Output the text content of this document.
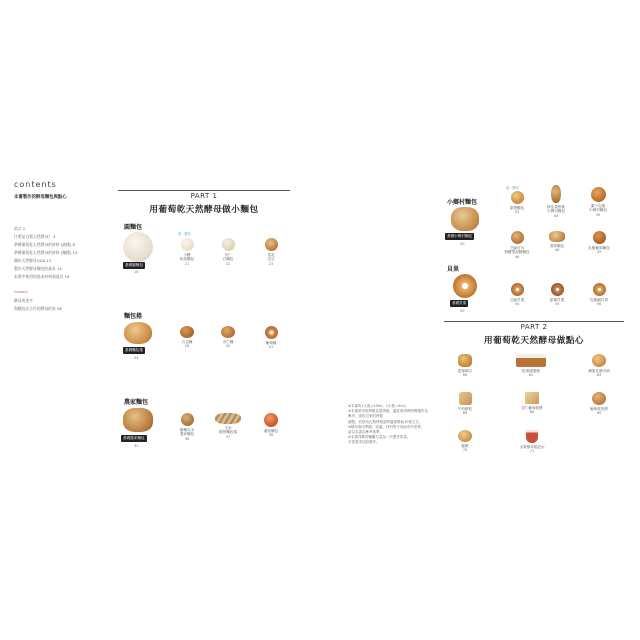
contents
本書製作的酥母麵包與點心
前言 2
什麼是自製天然酵母？ 4
準備葡萄乾天然酵母的材料 [液種] 8
準備葡萄乾天然酵母的材料 [麵種] 10
關於天然酵母Q&A 12
製作天然酵母麵包的基本 14
本書中使用的基本材料與道具 16
Column
酵母的更多
與麵包店合作的酵母的家 58
PART 1
用葡萄乾天然酵母做小麵包
圓麵包
基・變化
基礎圓麵包
18
小糖
奶油麵包
21
杏仁
白麵包
22
菜花
瓜豆
23
麵包捲
基礎麵包捲
24
巧克麵
28
杏仁麵
30
葡萄麵
31
農家麵包
基礎農家麵包
32
酵種瓜米
農家麵包
36
玉米
穀物麵包捲
37
番茄麵包
38
※本書的1大匙=15ml，1小匙=5ml。
※本書使用的烤箱為電烤箱，溫度與烘烤時間僅作為參考，請依自家的烤箱
調整。若使用瓦斯烤箱請將溫度降低10度左右。
※酵母會因季節、室溫、材料等不同而有所差異，
請以本書為參考基準。
※本書刊載的麵團分量為一次製作的量，
可依需求加倍製作。
小鄉村麵包
基・變化
基礎小鄉村麵包
40
甜橙麵包
43
無花果核桃
小鄉村麵包
44
栗子乳酪
小鄉村麵包
45
芝麻可可
無糖型混糖麵包
46
燕麥麵包
48
乳酪葡萄麵包
49
貝果
基礎貝果
50
芝麻貝果
54
藍莓貝果
55
乳酪鹹貝果
56
PART 2
用葡萄乾天然酵母做點心
藍莓瑪芬
60
乾果磅蛋糕
62
蘋果乳酪可頌
64
牛奶餅乾
66
杏仁葡萄乾餅
68
葡萄乾煎餅
69
鬆餅
70
水果酵母氣泡水
71
